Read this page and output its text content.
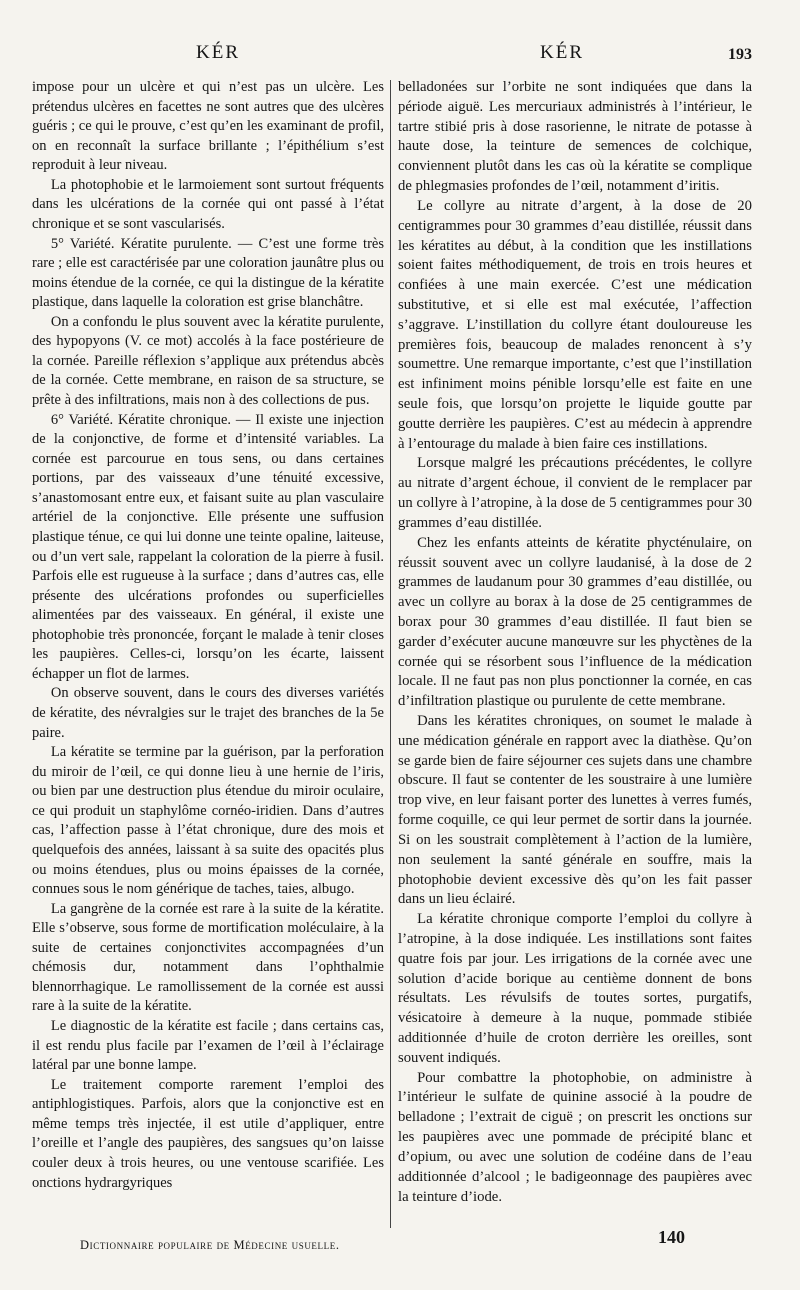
KÉR	KÉR	193

impose pour un ulcère et qui n’est pas un ulcère. Les prétendus ulcères en facettes ne sont autres que des ulcères guéris ; ce qui le prouve, c’est qu’en les examinant de profil, on en reconnaît la surface brillante ; l’épithélium s’est reproduit à leur niveau.

La photophobie et le larmoiement sont surtout fréquents dans les ulcérations de la cornée qui ont passé à l’état chronique et se sont vascularisés.

5° Variété. Kératite purulente. — C’est une forme très rare ; elle est caractérisée par une coloration jaunâtre plus ou moins étendue de la cornée, ce qui la distingue de la kératite plastique, dans laquelle la coloration est grise blanchâtre.

On a confondu le plus souvent avec la kératite purulente, des hypopyons (V. ce mot) accolés à la face postérieure de la cornée. Pareille réflexion s’applique aux prétendus abcès de la cornée. Cette membrane, en raison de sa structure, se prête à des infiltrations, mais non à des collections de pus.

6° Variété. Kératite chronique. — Il existe une injection de la conjonctive, de forme et d’intensité variables. La cornée est parcourue en tous sens, ou dans certaines portions, par des vaisseaux d’une ténuité excessive, s’anastomosant entre eux, et faisant suite au plan vasculaire artériel de la conjonctive. Elle présente une suffusion plastique ténue, ce qui lui donne une teinte opaline, laiteuse, ou d’un vert sale, rappelant la coloration de la pierre à fusil. Parfois elle est rugueuse à la surface ; dans d’autres cas, elle présente des ulcérations profondes ou superficielles alimentées par des vaisseaux. En général, il existe une photophobie très prononcée, forçant le malade à tenir closes les paupières. Celles-ci, lorsqu’on les écarte, laissent échapper un flot de larmes.

On observe souvent, dans le cours des diverses variétés de kératite, des névralgies sur le trajet des branches de la 5e paire.

La kératite se termine par la guérison, par la perforation du miroir de l’œil, ce qui donne lieu à une hernie de l’iris, ou bien par une destruction plus étendue du miroir oculaire, ce qui produit un staphylôme cornéo-iridien. Dans d’autres cas, l’affection passe à l’état chronique, dure des mois et quelquefois des années, laissant à sa suite des opacités plus ou moins étendues, plus ou moins épaisses de la cornée, connues sous le nom générique de taches, taies, albugo.

La gangrène de la cornée est rare à la suite de la kératite. Elle s’observe, sous forme de mortification moléculaire, à la suite de certaines conjonctivites accompagnées d’un chémosis dur, notamment dans l’ophthalmie blennorrhagique. Le ramollissement de la cornée est aussi rare à la suite de la kératite.

Le diagnostic de la kératite est facile ; dans certains cas, il est rendu plus facile par l’examen de l’œil à l’éclairage latéral par une bonne lampe.

Le traitement comporte rarement l’emploi des antiphlogistiques. Parfois, alors que la conjonctive est en même temps très injectée, il est utile d’appliquer, entre l’oreille et l’angle des paupières, des sangsues qu’on laisse couler deux à trois heures, ou une ventouse scarifiée. Les onctions hydrargyriques

belladonées sur l’orbite ne sont indiquées que dans la période aiguë. Les mercuriaux administrés à l’intérieur, le tartre stibié pris à dose rasorienne, le nitrate de potasse à haute dose, la teinture de semences de colchique, conviennent plutôt dans les cas où la kératite se complique de phlegmasies profondes de l’œil, notamment d’iritis.

Le collyre au nitrate d’argent, à la dose de 20 centigrammes pour 30 grammes d’eau distillée, réussit dans les kératites au début, à la condition que les instillations soient faites méthodiquement, de trois en trois heures et confiées à une main exercée. C’est une médication substitutive, et si elle est mal exécutée, l’affection s’aggrave. L’instillation du collyre étant douloureuse les premières fois, beaucoup de malades renoncent à s’y soumettre. Une remarque importante, c’est que l’instillation est infiniment moins pénible lorsqu’elle est faite en une seule fois, que lorsqu’on projette le liquide goutte par goutte derrière les paupières. C’est au médecin à apprendre à l’entourage du malade à bien faire ces instillations.

Lorsque malgré les précautions précédentes, le collyre au nitrate d’argent échoue, il convient de le remplacer par un collyre à l’atropine, à la dose de 5 centigrammes pour 30 grammes d’eau distillée.

Chez les enfants atteints de kératite phycténulaire, on réussit souvent avec un collyre laudanisé, à la dose de 2 grammes de laudanum pour 30 grammes d’eau distillée, ou avec un collyre au borax à la dose de 25 centigrammes de borax pour 30 grammes d’eau distillée. Il faut bien se garder d’exécuter aucune manœuvre sur les phyctènes de la cornée qui se résorbent sous l’influence de la médication locale. Il ne faut pas non plus ponctionner la cornée, en cas d’infiltration plastique ou purulente de cette membrane.

Dans les kératites chroniques, on soumet le malade à une médication générale en rapport avec la diathèse. Qu’on se garde bien de faire séjourner ces sujets dans une chambre obscure. Il faut se contenter de les soustraire à une lumière trop vive, en leur faisant porter des lunettes à verres fumés, forme coquille, ce qui leur permet de sortir dans la journée. Si on les soustrait complètement à l’action de la lumière, non seulement la santé générale en souffre, mais la photophobie devient excessive dès qu’on les fait passer dans un lieu éclairé.

La kératite chronique comporte l’emploi du collyre à l’atropine, à la dose indiquée. Les instillations sont faites quatre fois par jour. Les irrigations de la cornée avec une solution d’acide borique au centième donnent de bons résultats. Les révulsifs de toutes sortes, purgatifs, vésicatoire à demeure à la nuque, pommade stibiée additionnée d’huile de croton derrière les oreilles, sont souvent indiqués.

Pour combattre la photophobie, on administre à l’intérieur le sulfate de quinine associé à la poudre de belladone ; l’extrait de ciguë ; on prescrit les onctions sur les paupières avec une pommade de précipité blanc et d’opium, ou avec une solution de codéine dans de l’eau additionnée d’alcool ; le badigeonnage des paupières avec la teinture d’iode.

Dictionnaire populaire de Médecine usuelle.	140
